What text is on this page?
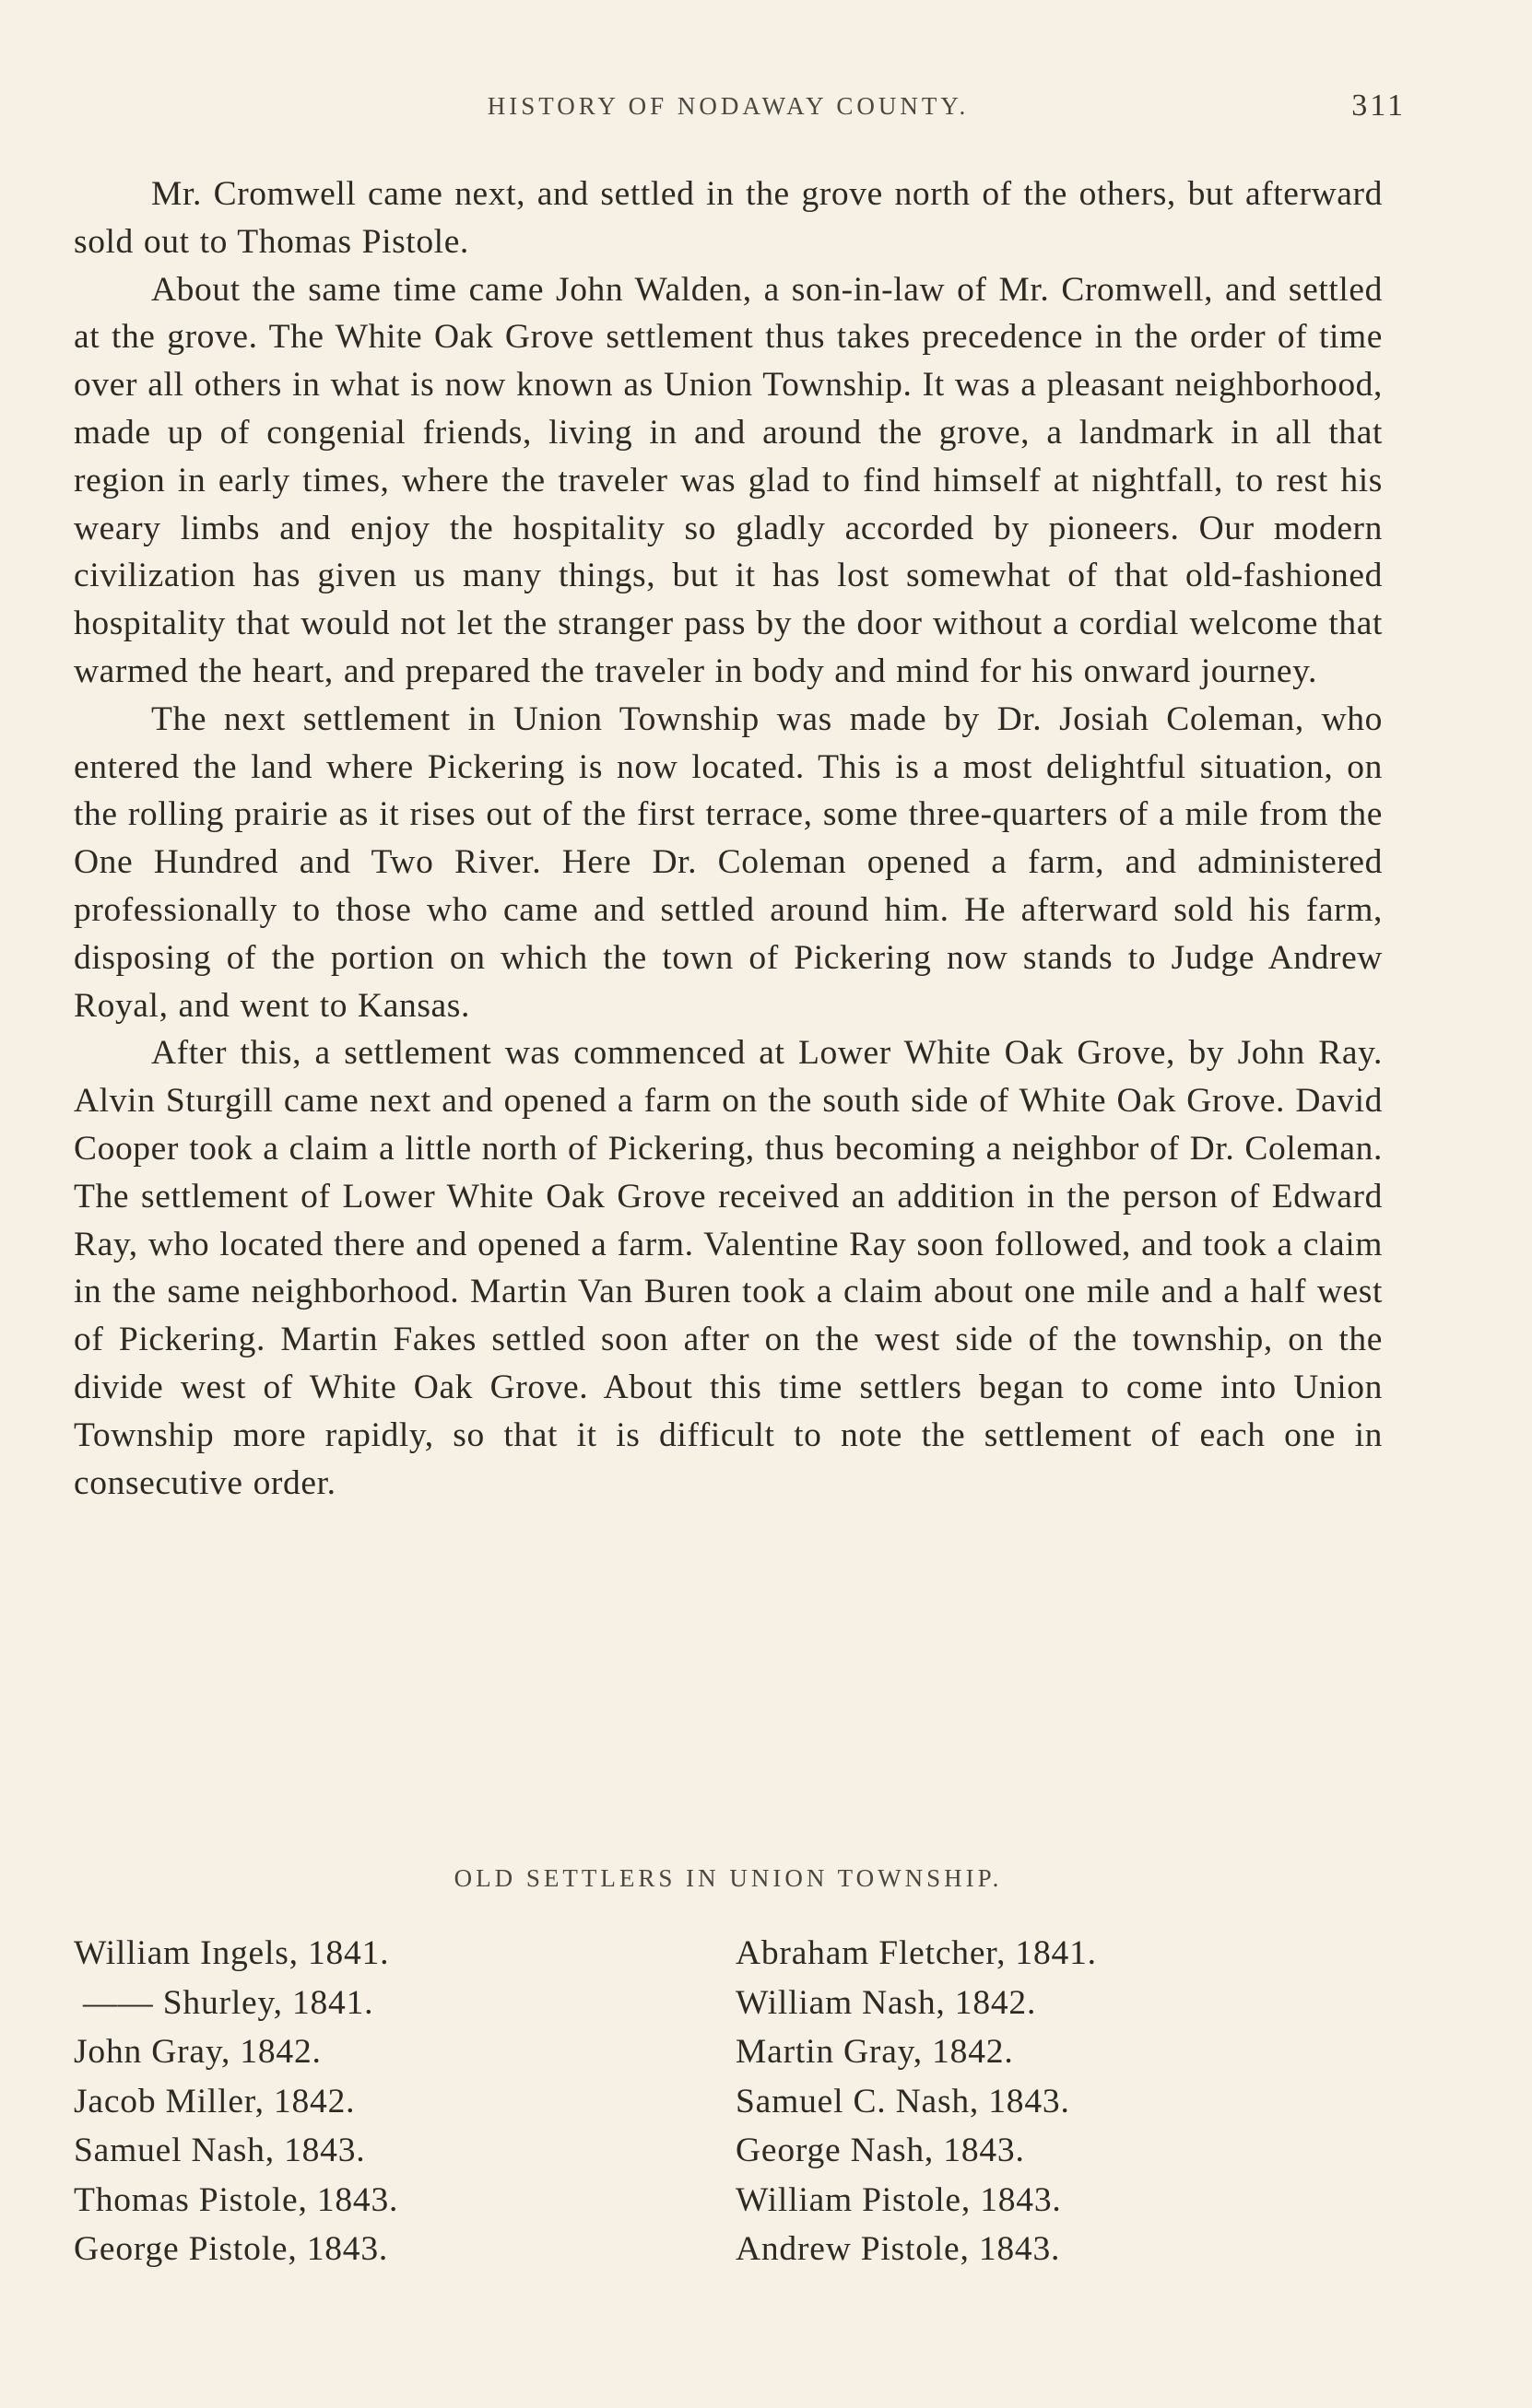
HISTORY OF NODAWAY COUNTY.	311

Mr. Cromwell came next, and settled in the grove north of the others, but afterward sold out to Thomas Pistole.

About the same time came John Walden, a son-in-law of Mr. Cromwell, and settled at the grove. The White Oak Grove settlement thus takes precedence in the order of time over all others in what is now known as Union Township. It was a pleasant neighborhood, made up of congenial friends, living in and around the grove, a landmark in all that region in early times, where the traveler was glad to find himself at nightfall, to rest his weary limbs and enjoy the hospitality so gladly accorded by pioneers. Our modern civilization has given us many things, but it has lost somewhat of that old-fashioned hospitality that would not let the stranger pass by the door without a cordial welcome that warmed the heart, and prepared the traveler in body and mind for his onward journey.

The next settlement in Union Township was made by Dr. Josiah Coleman, who entered the land where Pickering is now located. This is a most delightful situation, on the rolling prairie as it rises out of the first terrace, some three-quarters of a mile from the One Hundred and Two River. Here Dr. Coleman opened a farm, and administered professionally to those who came and settled around him. He afterward sold his farm, disposing of the portion on which the town of Pickering now stands to Judge Andrew Royal, and went to Kansas.

After this, a settlement was commenced at Lower White Oak Grove, by John Ray. Alvin Sturgill came next and opened a farm on the south side of White Oak Grove. David Cooper took a claim a little north of Pickering, thus becoming a neighbor of Dr. Coleman. The settlement of Lower White Oak Grove received an addition in the person of Edward Ray, who located there and opened a farm. Valentine Ray soon followed, and took a claim in the same neighborhood. Martin Van Buren took a claim about one mile and a half west of Pickering. Martin Fakes settled soon after on the west side of the township, on the divide west of White Oak Grove. About this time settlers began to come into Union Township more rapidly, so that it is difficult to note the settlement of each one in consecutive order.

OLD SETTLERS IN UNION TOWNSHIP.
William Ingels, 1841.
—— Shurley, 1841.
John Gray, 1842.
Jacob Miller, 1842.
Samuel Nash, 1843.
Thomas Pistole, 1843.
George Pistole, 1843.
Abraham Fletcher, 1841.
William Nash, 1842.
Martin Gray, 1842.
Samuel C. Nash, 1843.
George Nash, 1843.
William Pistole, 1843.
Andrew Pistole, 1843.
